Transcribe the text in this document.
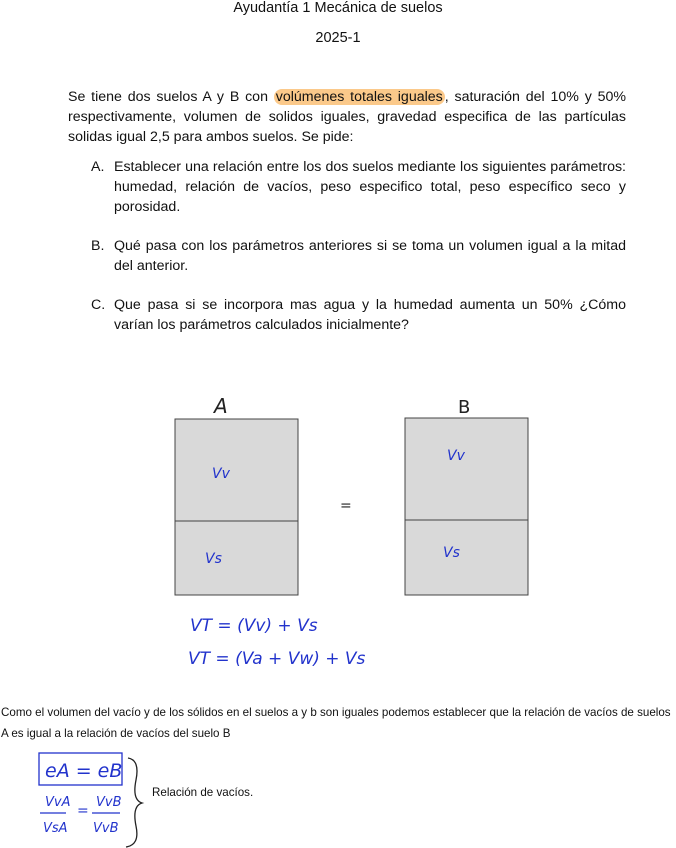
Ayudantía 1 Mecánica de suelos
2025-1
Se tiene dos suelos A y B con volúmenes totales iguales , saturación del 10% y 50% respectivamente, volumen de solidos iguales, gravedad especifica de las partículas solidas igual 2,5 para ambos suelos. Se pide:
A. Establecer una relación entre los dos suelos mediante los siguientes parámetros: humedad, relación de vacíos, peso especifico total, peso específico seco y porosidad.
B. Qué pasa con los parámetros anteriores si se toma un volumen igual a la mitad del anterior.
C. Que pasa si se incorpora mas agua y la humedad aumenta un 50% ¿Cómo varían los parámetros calculados inicialmente?
A	B
=
Vv
Vs
Vv
Vs
VT = (Vv) + Vs
VT = (Va + Vw) + Vs
eA = eB
VvA
VsA
=
VvB
VvB
Como el volumen del vacío y de los sólidos en el suelos a y b son iguales podemos establecer que la relación de vacíos de suelos A es igual a la relación de vacíos del suelo B
Relación de vacíos.
